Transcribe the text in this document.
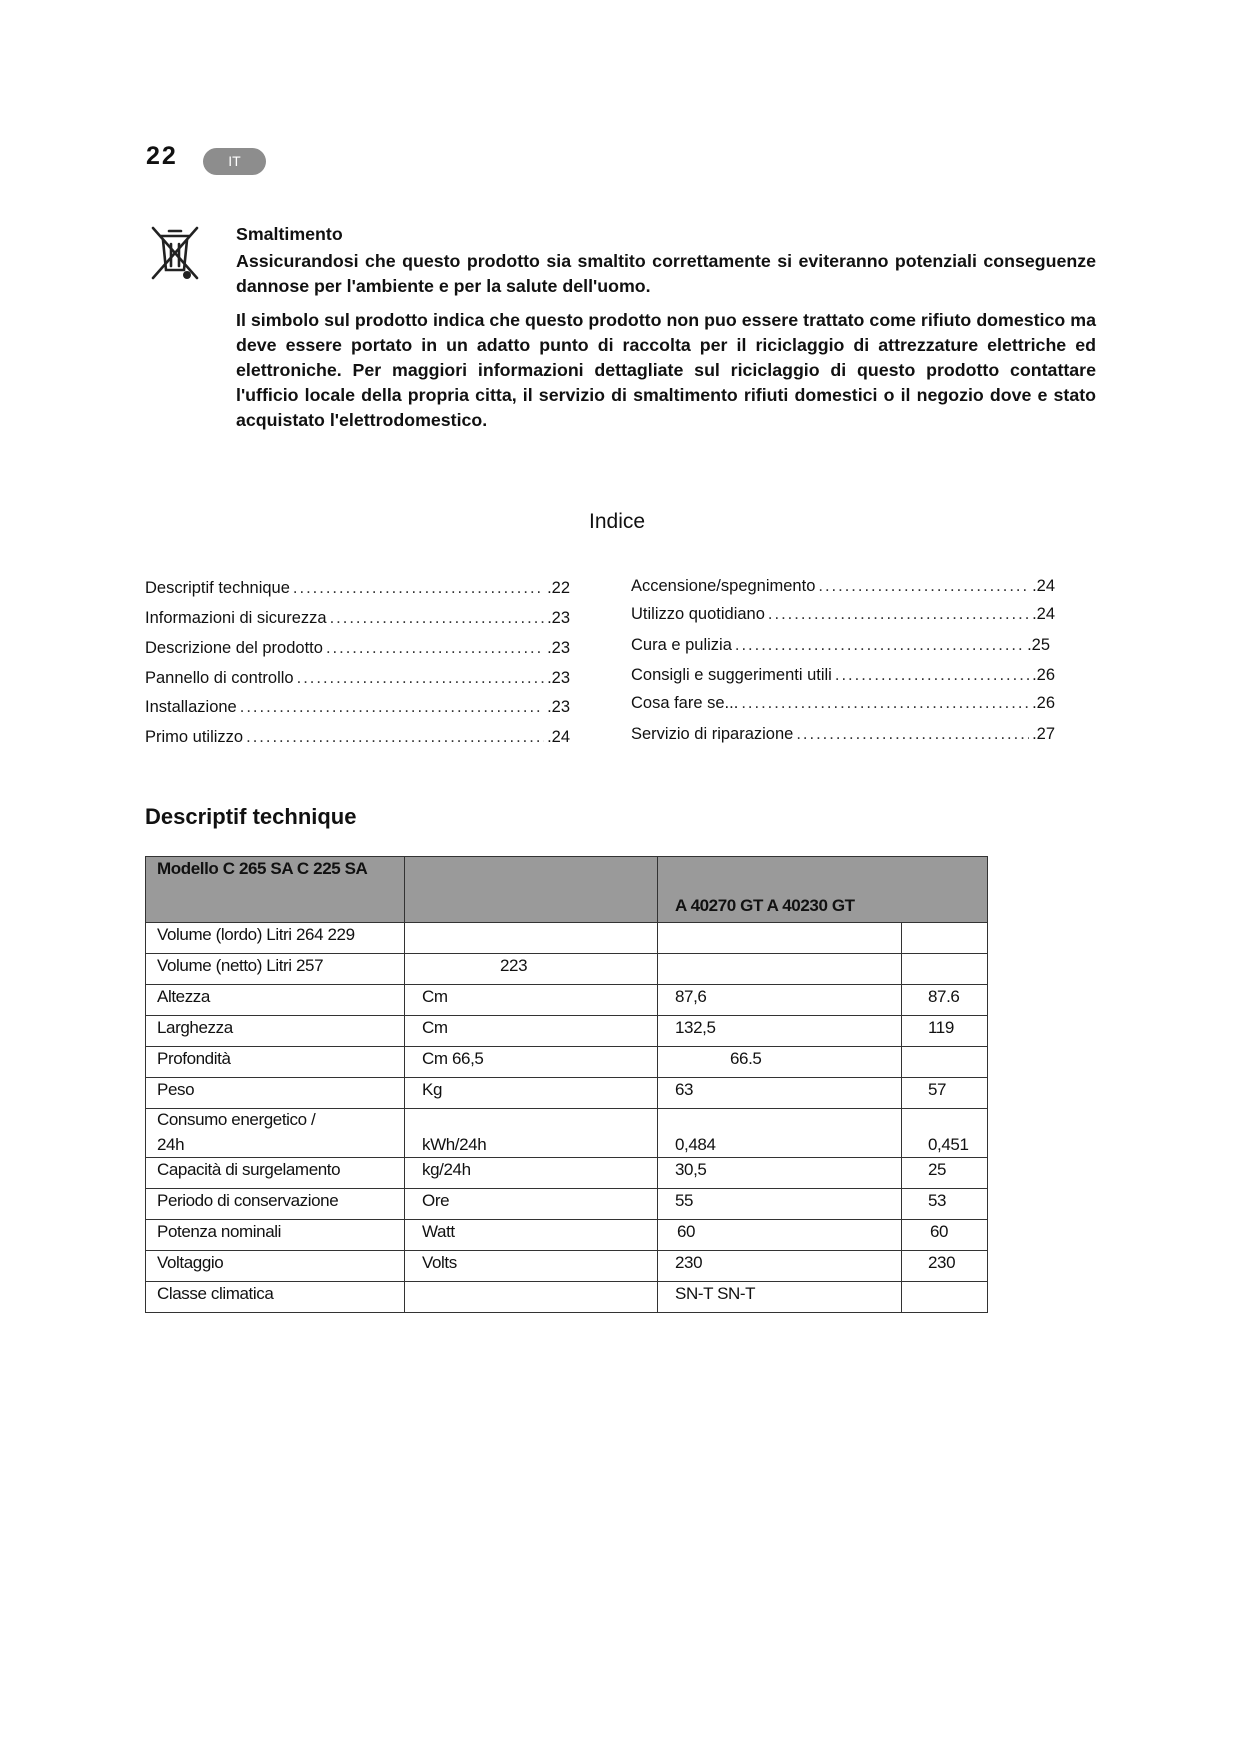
22	IT
Smaltimento

Assicurandosi che questo prodotto sia smaltito correttamente si eviteranno potenziali conseguenze dannose per l'ambiente e per la salute dell'uomo.

Il simbolo sul prodotto indica che questo prodotto non puo essere trattato come rifiuto domestico ma deve essere portato in un adatto punto di raccolta per il riciclaggio di attrezzature elettriche ed elettroniche. Per maggiori informazioni dettagliate sul riciclaggio di questo prodotto contattare l'ufficio locale della propria citta, il servizio di smaltimento rifiuti domestici o il negozio dove e stato acquistato l'elettrodomestico.

Indice
Descriptif technique .....	.22
Informazioni di sicurezza .....	.23
Descrizione del prodotto .....	.23
Pannello di controllo .....	.23
Installazione .....	.23
Primo utilizzo .....	.24
Accensione/spegnimento .....	.24
Utilizzo quotidiano .....	.24
Cura e pulizia .....	.25
Consigli e suggerimenti utili .....	.26
Cosa fare se... .....	.26
Servizio di riparazione .....	.27
Descriptif technique
Modello C 265 SA C 225 SA		A 40270 GT A 40230 GT	
Volume (lordo) Litri 264 229			
Volume (netto) Litri 257	223		
Altezza	Cm	87,6	87.6
Larghezza	Cm	132,5	119
Profondità	Cm 66,5	66.5	
Peso	Kg	63	57

Consumo energetico /
24h	kWh/24h	0,484	0,451
Capacità di surgelamento	kg/24h	30,5	25
Periodo di conservazione	Ore	55	53
Potenza nominali	Watt	60	60
Voltaggio	Volts	230	230
Classe climatica		SN-T SN-T	
